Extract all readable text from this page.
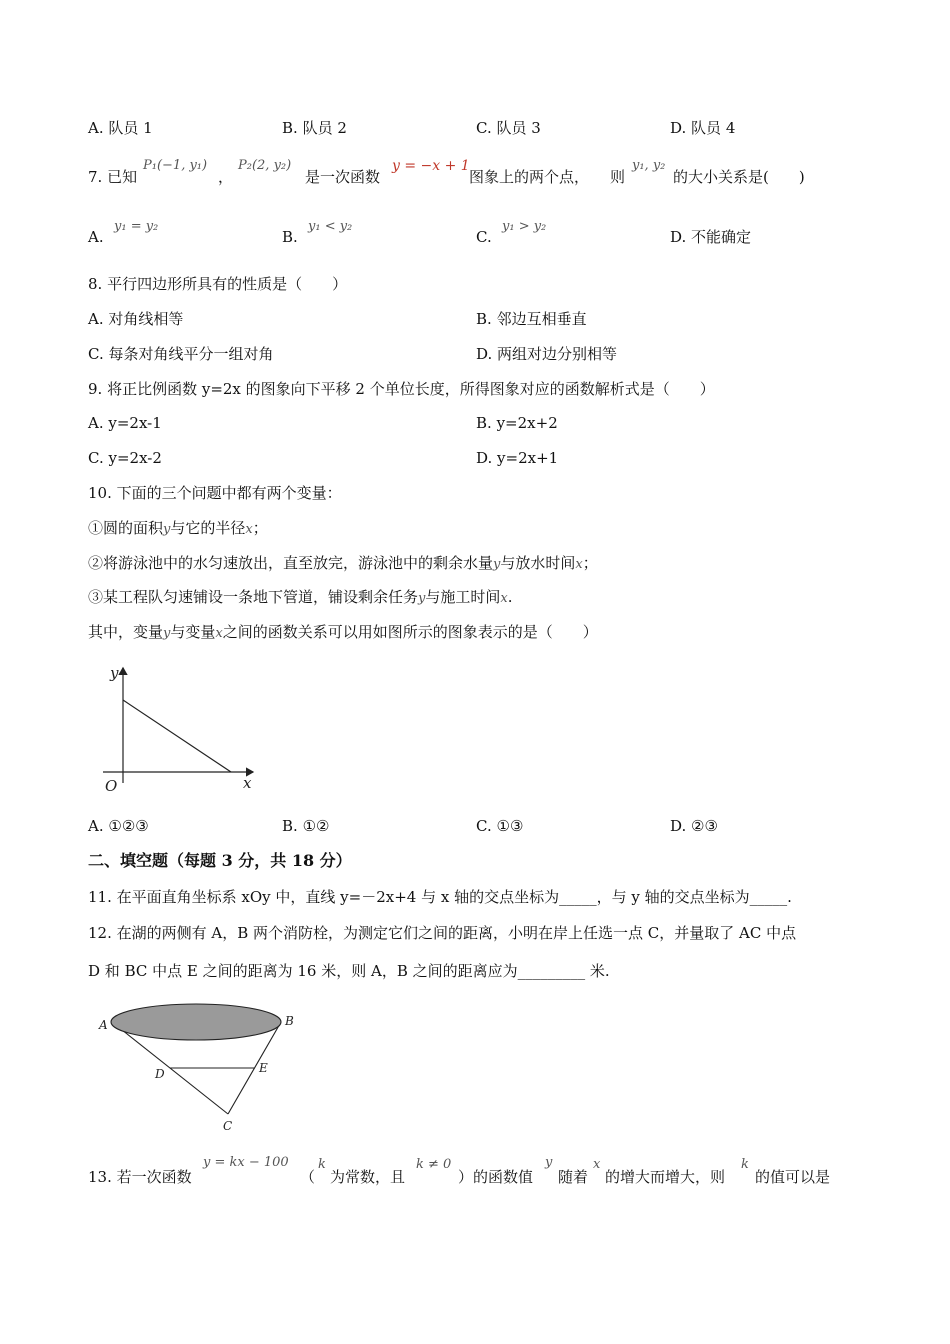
A. 队员 1	B. 队员 2	C. 队员 3	D. 队员 4
7. 已知
P₁(−1, y₁)
，
P₂(2, y₂)
是一次函数
y = −x + 1
图象上的两个点， 则
y₁, y₂
的大小关系是(　　)
A.
y₁ = y₂
B.
y₁ < y₂
C.
y₁ > y₂
D. 不能确定
8. 平行四边形所具有的性质是（　　）
A. 对角线相等	B. 邻边互相垂直
C. 每条对角线平分一组对角	D. 两组对边分别相等
9. 将正比例函数 y=2x 的图象向下平移 2 个单位长度，所得图象对应的函数解析式是（　　）
A. y=2x-1	B. y=2x+2
C. y=2x-2	D. y=2x+1
10. 下面的三个问题中都有两个变量：
①圆的面积y与它的半径x；
②将游泳池中的水匀速放出，直至放完，游泳池中的剩余水量y与放水时间x；
③某工程队匀速铺设一条地下管道，铺设剩余任务y与施工时间x.
其中，变量y与变量x之间的函数关系可以用如图所示的图象表示的是（　　）
y
x
O
A. ①②③	B. ①②	C. ①③	D. ②③
二、填空题（每题 3 分，共 18 分）
11. 在平面直角坐标系 xOy 中，直线 y=－2x+4 与 x 轴的交点坐标为_____，与 y 轴的交点坐标为_____.
12. 在湖的两侧有 A，B 两个消防栓，为测定它们之间的距离，小明在岸上任选一点 C，并量取了 AC 中点
D 和 BC 中点 E 之间的距离为 16 米，则 A，B 之间的距离应为_________ 米.
A	B
D	E
C
13. 若一次函数
y = kx − 100
（
k
为常数，且
k ≠ 0
）的函数值
y
随着
x
的增大而增大，则
k
的值可以是
